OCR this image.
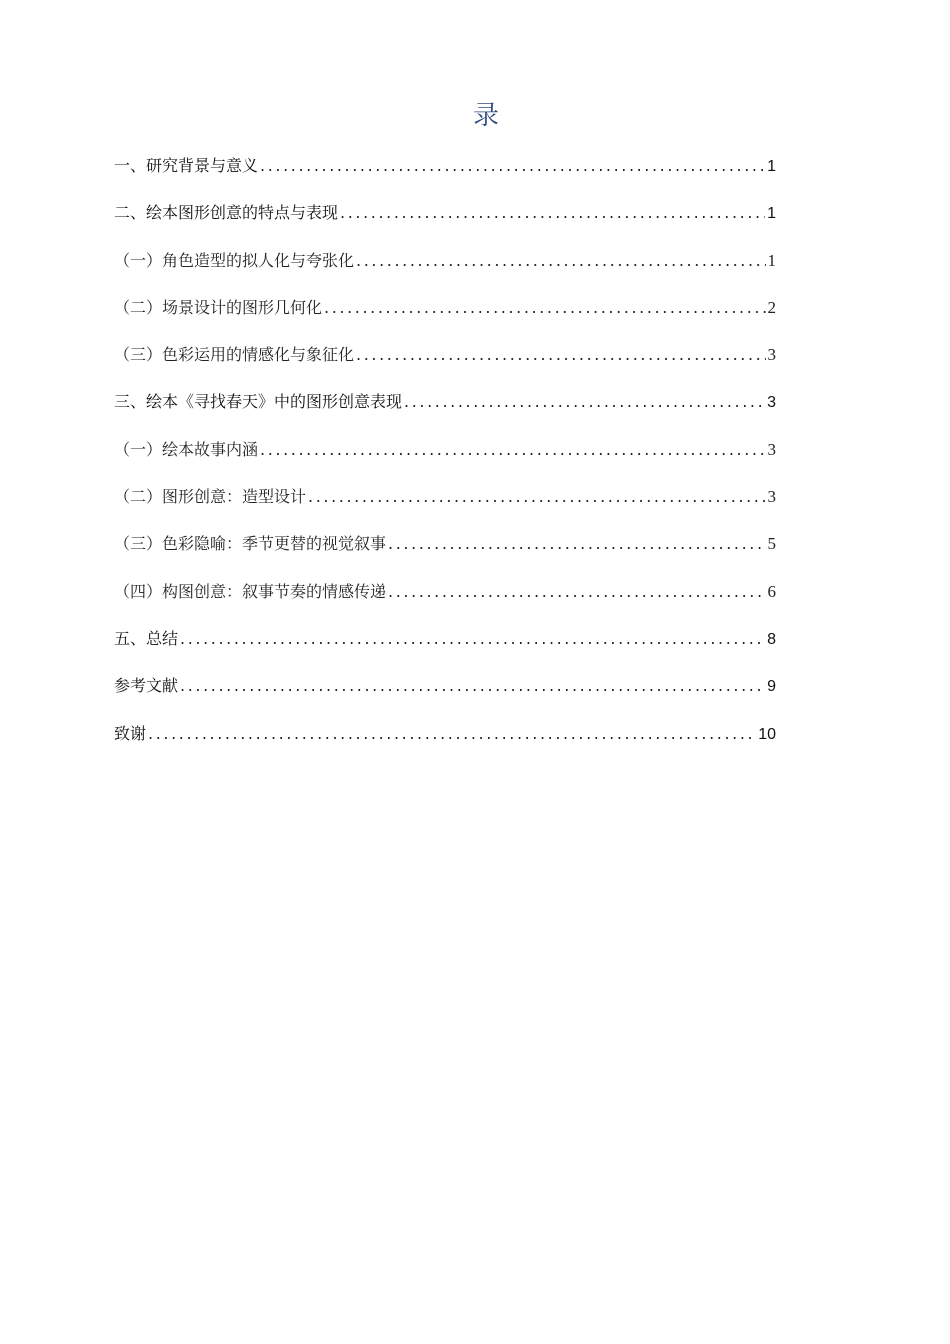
录
一、研究背景与意义 .....	1
二、绘本图形创意的特点与表现 .....	1
（一）角色造型的拟人化与夸张化 .....	1
（二）场景设计的图形几何化 .....	2
（三）色彩运用的情感化与象征化 .....	3
三、绘本《寻找春天》中的图形创意表现 .....	3
（一）绘本故事内涵 .....	3
（二）图形创意：造型设计 .....	3
（三）色彩隐喻：季节更替的视觉叙事 .....	5
（四）构图创意：叙事节奏的情感传递 .....	6
五、总结 .....	8
参考文献 .....	9
致谢 .....	10
